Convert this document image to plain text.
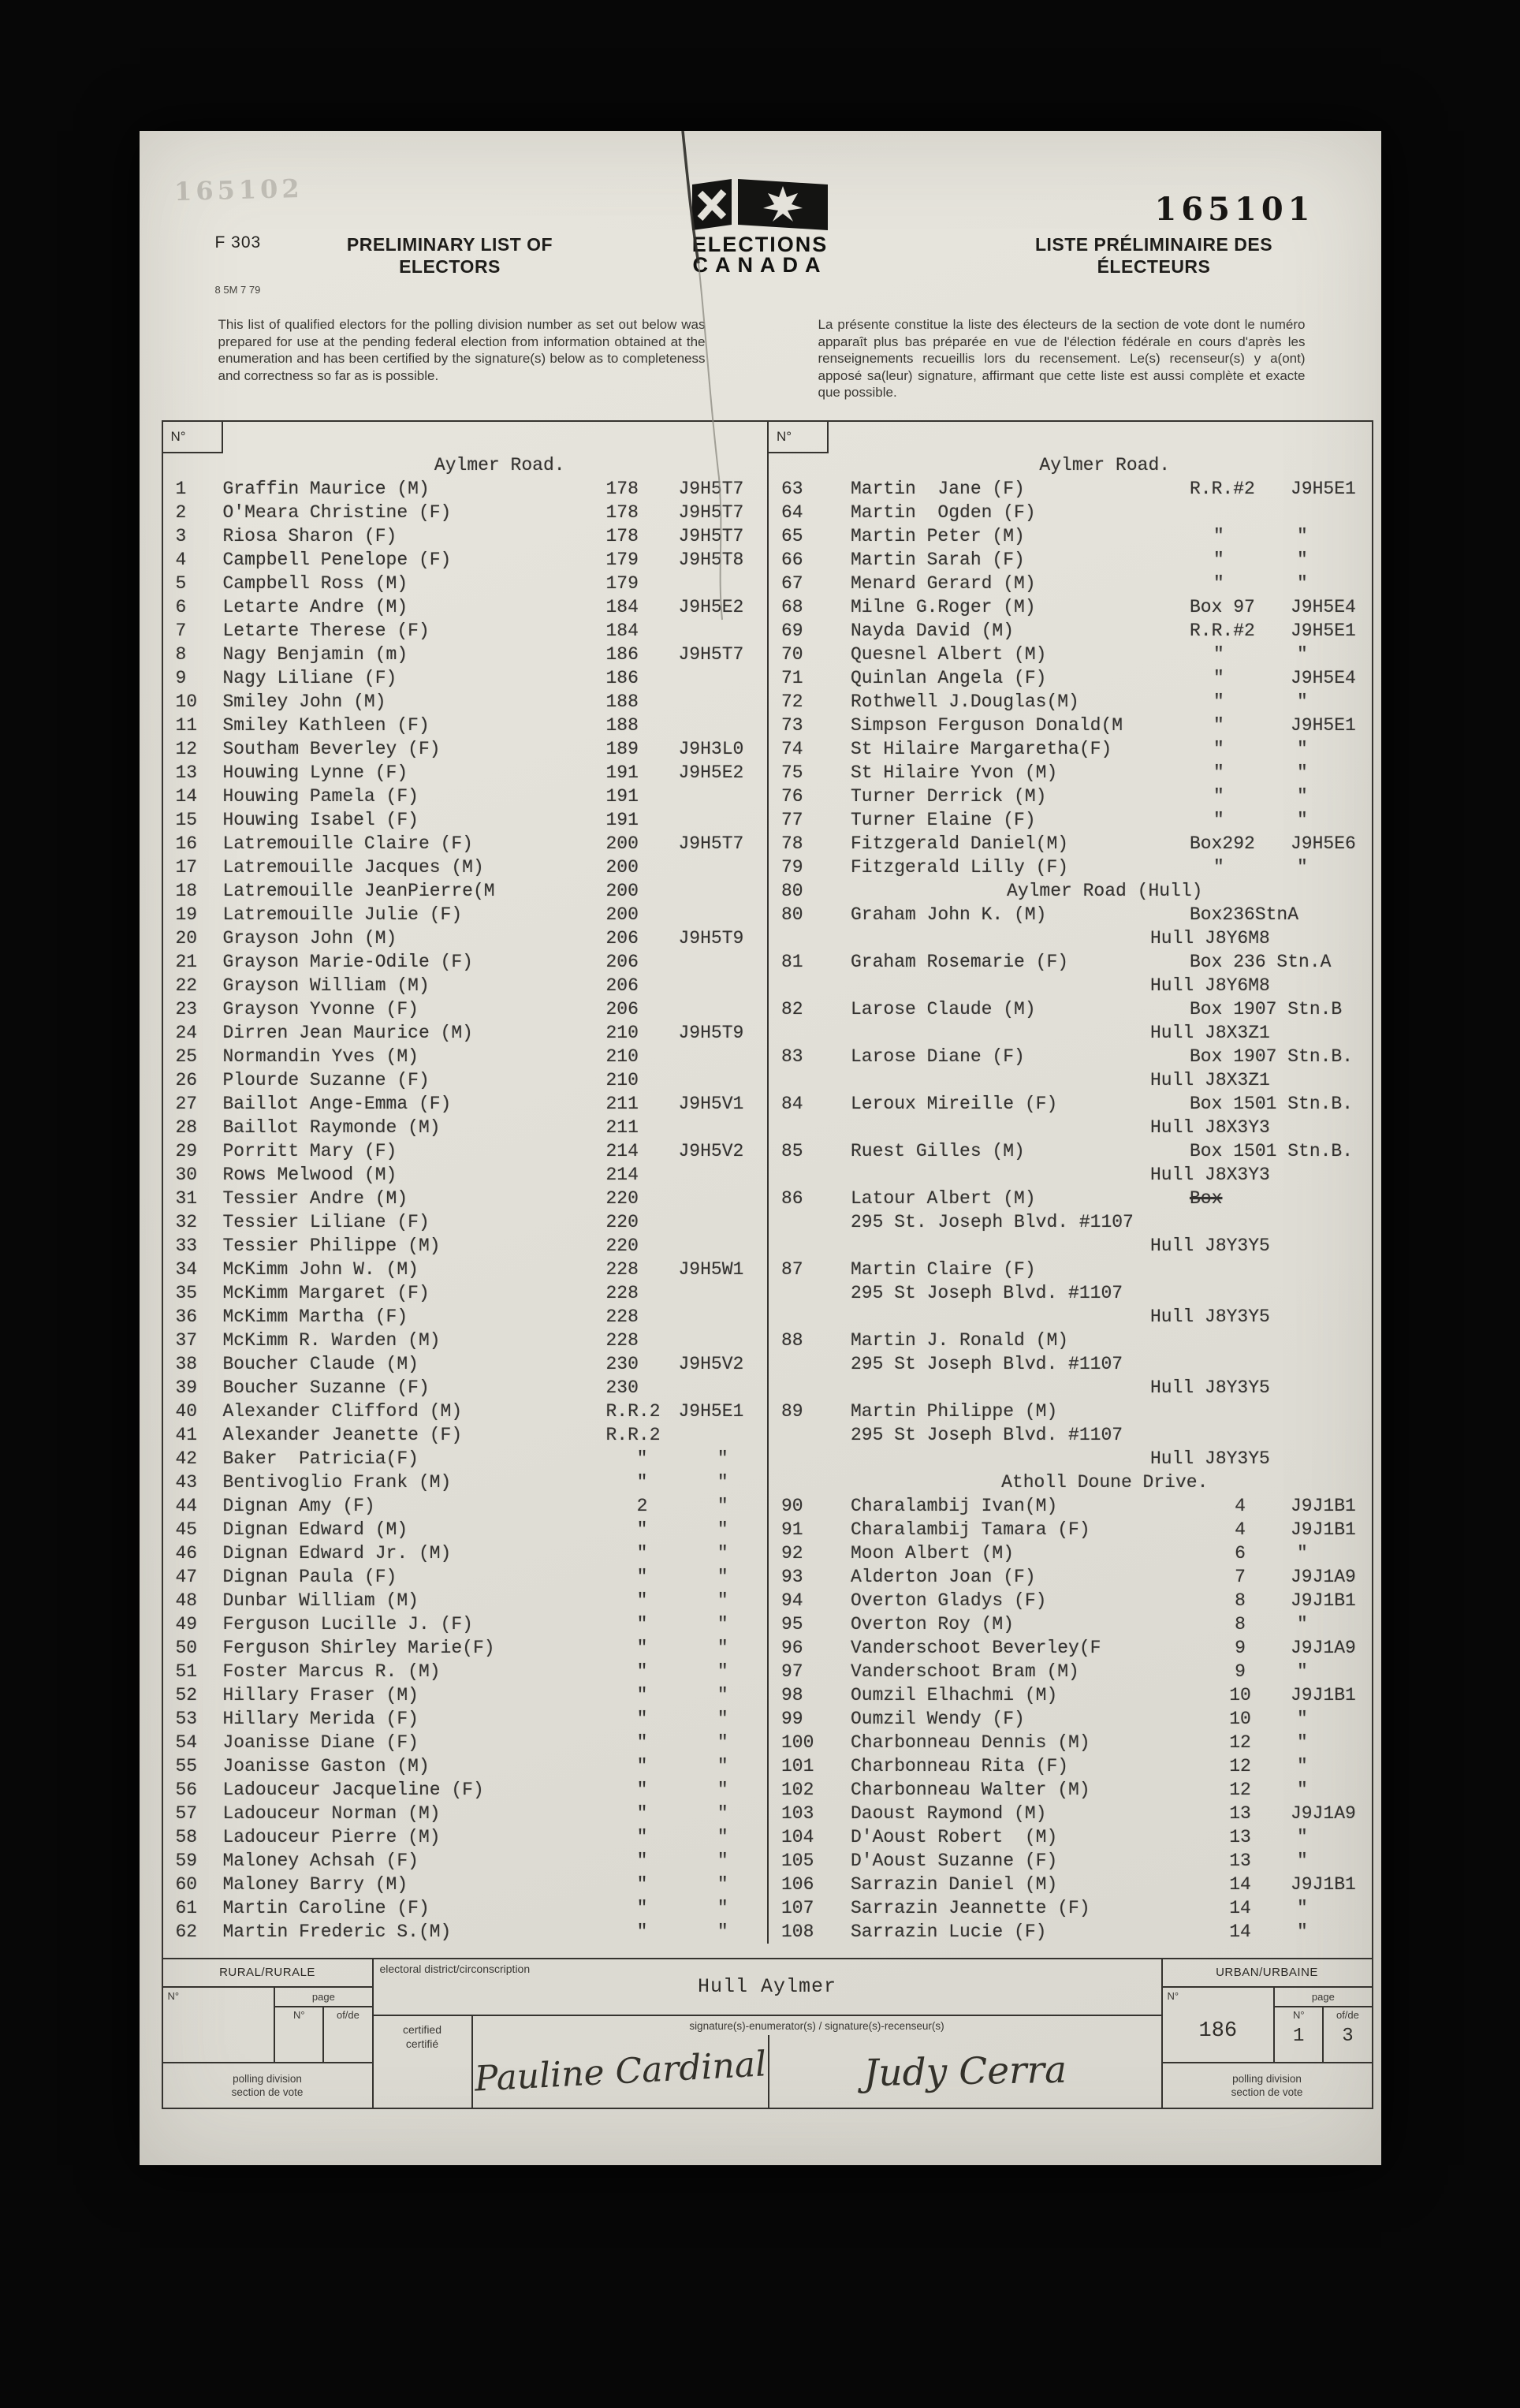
165102
165101
ELECTIONS
CANADA
F 303
8 5M 7 79
PRELIMINARY LIST OF
ELECTORS
LISTE PRÉLIMINAIRE DES
ÉLECTEURS
This list of qualified electors for the polling division number as set out below was prepared for use at the pending federal election from information obtained at the enumeration and has been certified by the signature(s) below as to completeness and correctness so far as is possible.
La présente constitue la liste des électeurs de la section de vote dont le numéro apparaît plus bas préparée en vue de l'élection fédérale en cours d'après les renseignements recueillis lors du recensement. Le(s) recenseur(s) y a(ont) apposé sa(leur) signature, affirmant que cette liste est aussi complète et exacte que possible.
N°
Aylmer Road.
1	Graffin Maurice (M)	178	J9H5T7
2	O'Meara Christine (F)	178	J9H5T7
3	Riosa Sharon (F)	178	J9H5T7
4	Campbell Penelope (F)	179	J9H5T8
5	Campbell Ross (M)	179
6	Letarte Andre (M)	184	J9H5E2
7	Letarte Therese (F)	184
8	Nagy Benjamin (m)	186	J9H5T7
9	Nagy Liliane (F)	186
10	Smiley John (M)	188
11	Smiley Kathleen (F)	188
12	Southam Beverley (F)	189	J9H3L0
13	Houwing Lynne (F)	191	J9H5E2
14	Houwing Pamela (F)	191
15	Houwing Isabel (F)	191
16	Latremouille Claire (F)	200	J9H5T7
17	Latremouille Jacques (M)	200
18	Latremouille JeanPierre(M	200
19	Latremouille Julie (F)	200
20	Grayson John (M)	206	J9H5T9
21	Grayson Marie-Odile (F)	206
22	Grayson William (M)	206
23	Grayson Yvonne (F)	206
24	Dirren Jean Maurice (M)	210	J9H5T9
25	Normandin Yves (M)	210
26	Plourde Suzanne (F)	210
27	Baillot Ange-Emma (F)	211	J9H5V1
28	Baillot Raymonde (M)	211
29	Porritt Mary (F)	214	J9H5V2
30	Rows Melwood (M)	214
31	Tessier Andre (M)	220
32	Tessier Liliane (F)	220
33	Tessier Philippe (M)	220
34	McKimm John W. (M)	228	J9H5W1
35	McKimm Margaret (F)	228
36	McKimm Martha (F)	228
37	McKimm R. Warden (M)	228
38	Boucher Claude (M)	230	J9H5V2
39	Boucher Suzanne (F)	230
40	Alexander Clifford (M)	R.R.2 J9H5E1
41	Alexander Jeanette (F)	R.R.2
42	Baker  Patricia(F)	"	"
43	Bentivoglio Frank (M)	"	"
44	Dignan Amy (F)	2	"
45	Dignan Edward (M)	"	"
46	Dignan Edward Jr. (M)	"	"
47	Dignan Paula (F)	"	"
48	Dunbar William (M)	"	"
49	Ferguson Lucille J. (F)	"	"
50	Ferguson Shirley Marie(F)	"	"
51	Foster Marcus R. (M)	"	"
52	Hillary Fraser (M)	"	"
53	Hillary Merida (F)	"	"
54	Joanisse Diane (F)	"	"
55	Joanisse Gaston (M)	"	"
56	Ladouceur Jacqueline (F)	"	"
57	Ladouceur Norman (M)	"	"
58	Ladouceur Pierre (M)	"	"
59	Maloney Achsah (F)	"	"
60	Maloney Barry (M)	"	"
61	Martin Caroline (F)	"	"
62	Martin Frederic S.(M)	"	"
N°
Aylmer Road.
63	Martin  Jane (F)	R.R.#2	J9H5E1
64	Martin  Ogden (F)
65	Martin Peter (M)	"	"
66	Martin Sarah (F)	"	"
67	Menard Gerard (M)	"	"
68	Milne G.Roger (M)	Box 97	J9H5E4
69	Nayda David (M)	R.R.#2	J9H5E1
70	Quesnel Albert (M)	"	"
71	Quinlan Angela (F)	"	J9H5E4
72	Rothwell J.Douglas(M)	"	"
73	Simpson Ferguson Donald(M	"	J9H5E1
74	St Hilaire Margaretha(F)	"	"
75	St Hilaire Yvon (M)	"	"
76	Turner Derrick (M)	"	"
77	Turner Elaine (F)	"	"
78	Fitzgerald Daniel(M)	Box292	J9H5E6
79	Fitzgerald Lilly (F)	"	"
80	Aylmer Road (Hull)
80	Graham John K. (M)	Box236StnA
Hull J8Y6M8
81	Graham Rosemarie (F)	Box 236 Stn.A
Hull J8Y6M8
82	Larose Claude (M)	Box 1907 Stn.B
Hull J8X3Z1
83	Larose Diane (F)	Box 1907 Stn.B.
Hull J8X3Z1
84	Leroux Mireille (F)	Box 1501 Stn.B.
Hull J8X3Y3
85	Ruest Gilles (M)	Box 1501 Stn.B.
Hull J8X3Y3
86	Latour Albert (M)	Box
295 St. Joseph Blvd. #1107
Hull J8Y3Y5
87	Martin Claire (F)
295 St Joseph Blvd. #1107
Hull J8Y3Y5
88	Martin J. Ronald (M)
295 St Joseph Blvd. #1107
Hull J8Y3Y5
89	Martin Philippe (M)
295 St Joseph Blvd. #1107
Hull J8Y3Y5
Atholl Doune Drive.
90	Charalambij Ivan(M)	4	J9J1B1
91	Charalambij Tamara (F)	4	J9J1B1
92	Moon Albert (M)	6	"
93	Alderton Joan (F)	7	J9J1A9
94	Overton Gladys (F)	8	J9J1B1
95	Overton Roy (M)	8	"
96	Vanderschoot Beverley(F	9	J9J1A9
97	Vanderschoot Bram (M)	9	"
98	Oumzil Elhachmi (M)	10	J9J1B1
99	Oumzil Wendy (F)	10	"
100	Charbonneau Dennis (M)	12	"
101	Charbonneau Rita (F)	12	"
102	Charbonneau Walter (M)	12	"
103	Daoust Raymond (M)	13	J9J1A9
104	D'Aoust Robert  (M)	13	"
105	D'Aoust Suzanne (F)	13	"
106	Sarrazin Daniel (M)	14	J9J1B1
107	Sarrazin Jeannette (F)	14	"
108	Sarrazin Lucie (F)	14	"
RURAL/RURALE
N°	page
N°	of/de
polling division
section de vote
electoral district/circonscription
Hull Aylmer
certified
certifié
signature(s)-enumerator(s) / signature(s)-recenseur(s)
Pauline Cardinal	Judy Cerra
URBAN/URBAINE
N°
186
page
N°
1
of/de
3
polling division
section de vote
